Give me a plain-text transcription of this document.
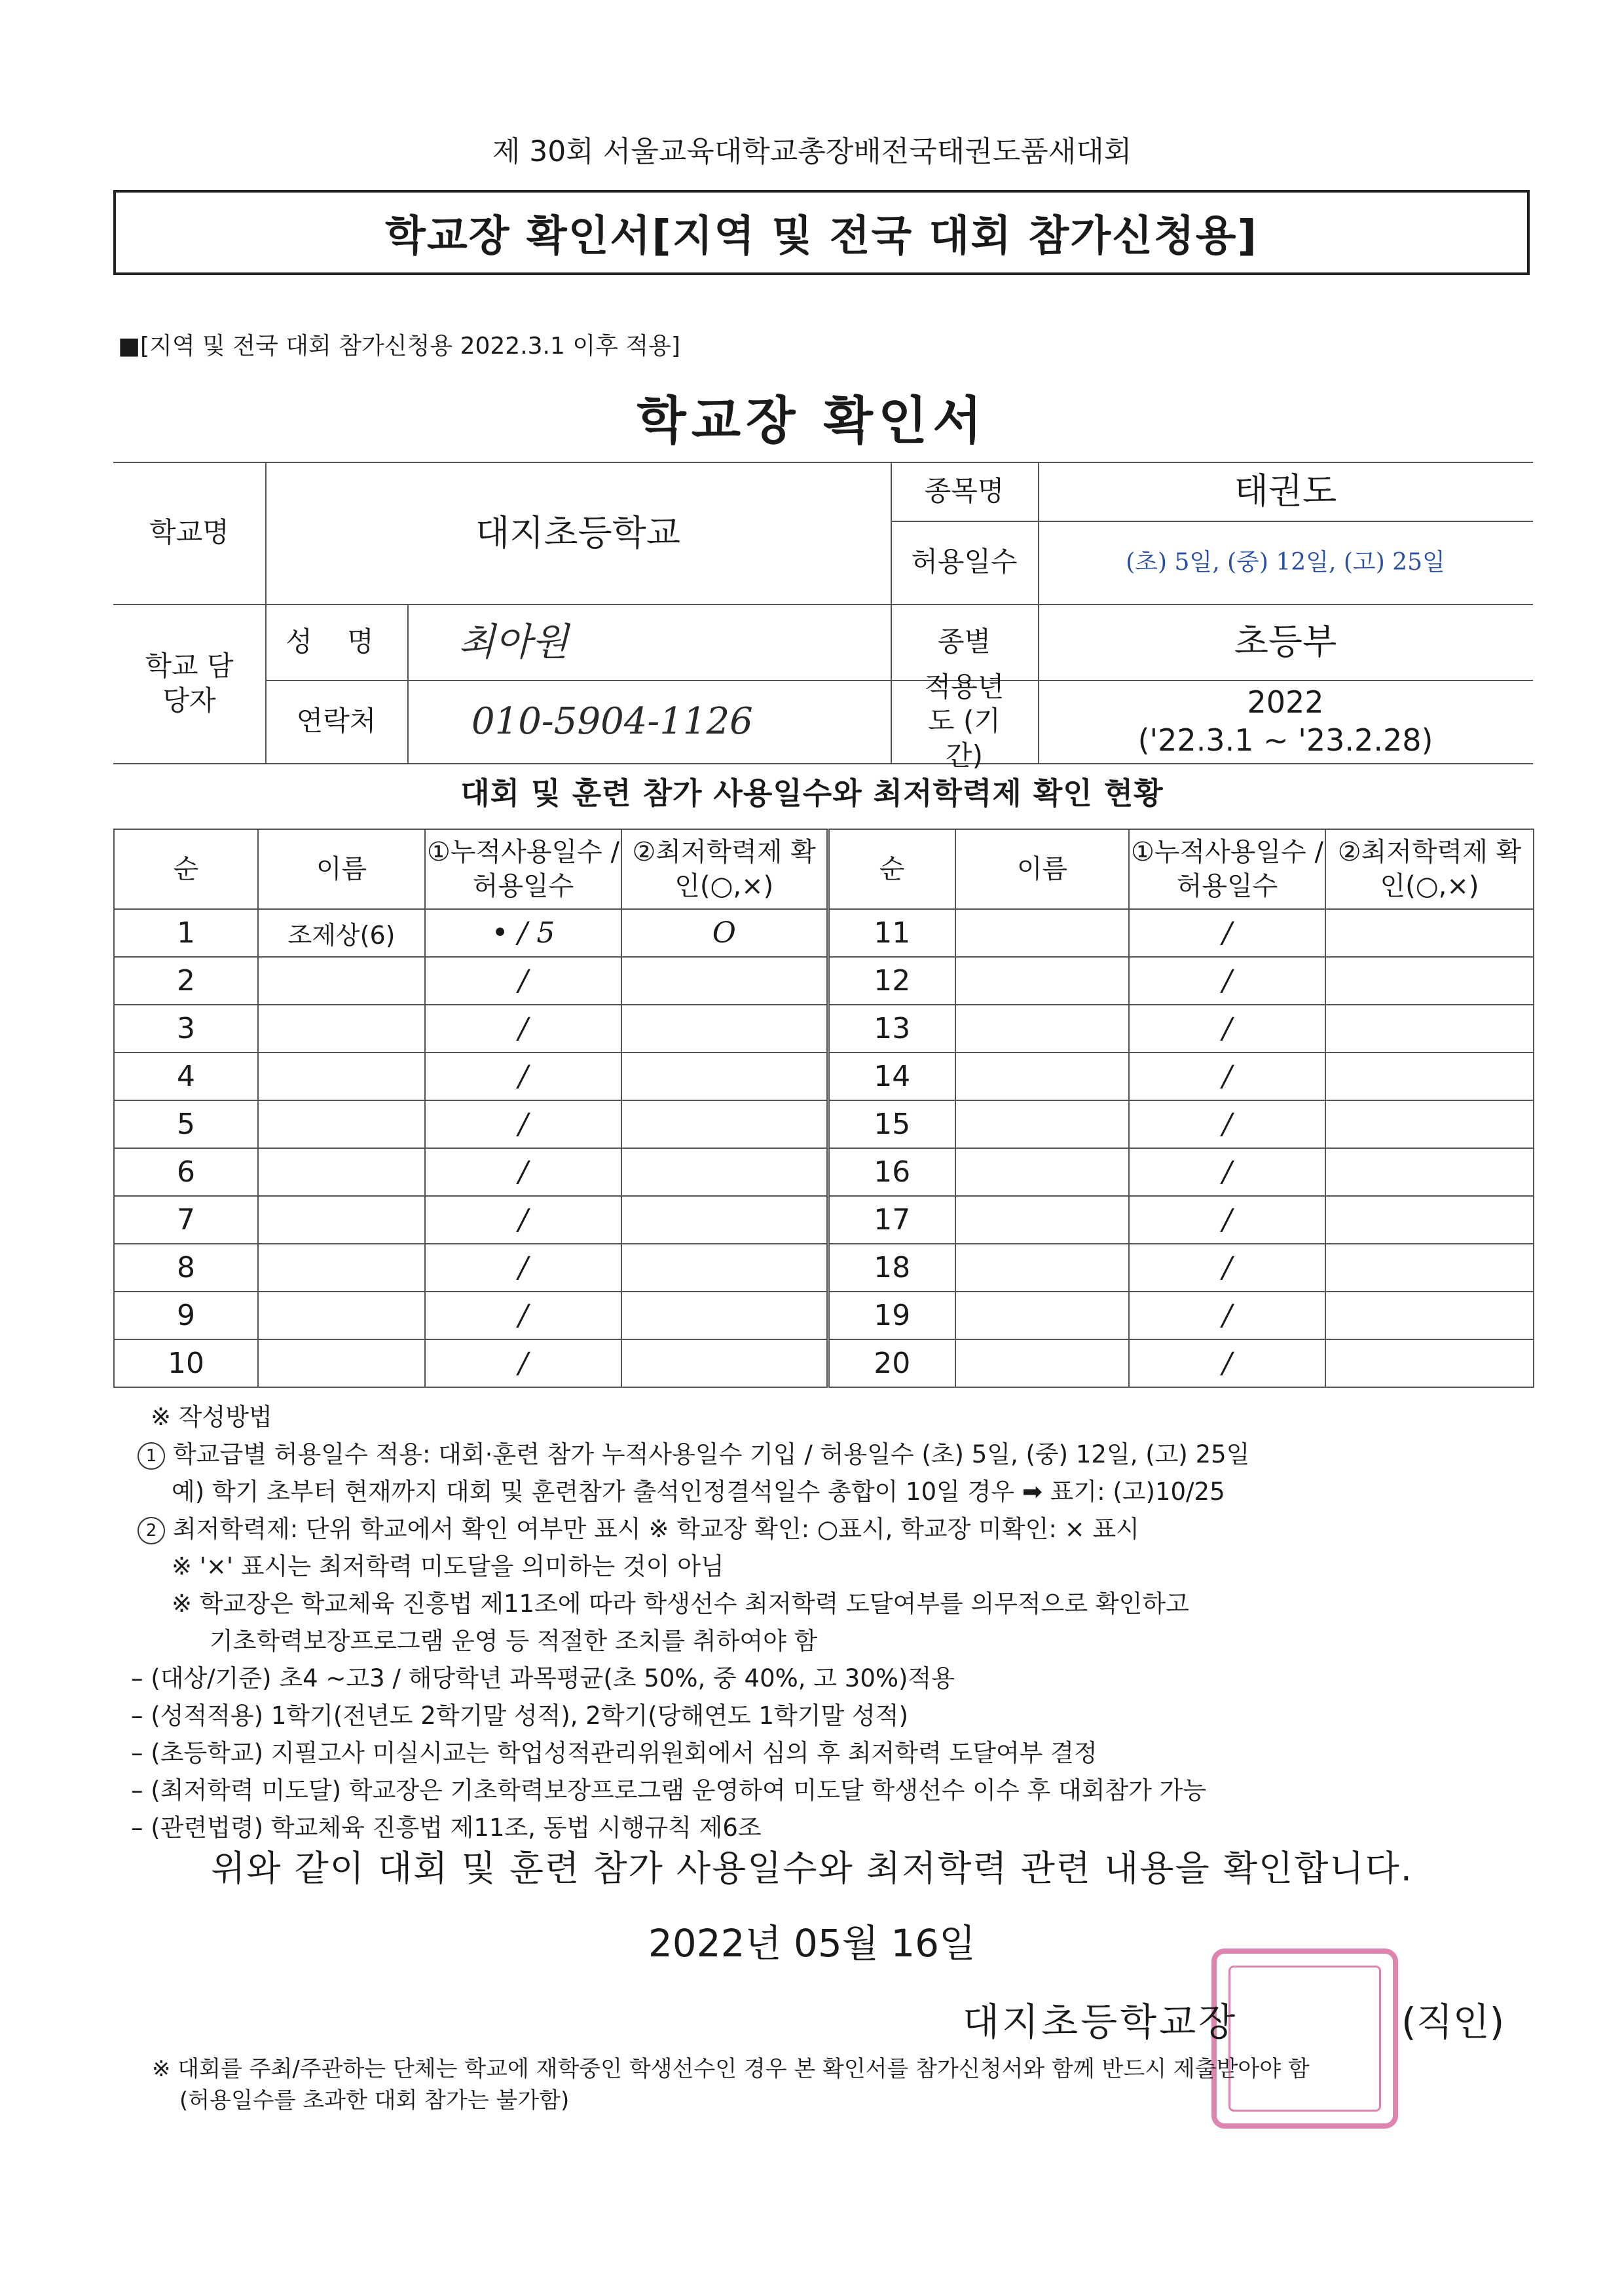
제 30회 서울교육대학교총장배전국태권도품새대회
학교장 확인서[지역 및 전국 대회 참가신청용]
■[지역 및 전국 대회 참가신청용 2022.3.1 이후 적용]
학교장 확인서
학교명	대지초등학교
종목명	태권도
허용일수	(초) 5일, (중) 12일, (고) 25일
학교 담당자
성 명	최아원
연락처	010-5904-1126
종별	초등부
적용년도 (기간)
2022
('22.3.1 ~ '23.2.28)
대회 및 훈련 참가 사용일수와 최저학력제 확인 현황
순	이름	①누적사용일수 /허용일수	②최저학력제 확인(○,×)	순	이름	①누적사용일수 /허용일수	②최저학력제 확인(○,×)
1	조제상(6)	• / 5	O	11		/	
2		/		12		/	
3		/		13		/	
4		/		14		/	
5		/		15		/	
6		/		16		/	
7		/		17		/	
8		/		18		/	
9		/		19		/	
10		/		20		/	
※ 작성방법
1 학교급별 허용일수 적용: 대회·훈련 참가 누적사용일수 기입 / 허용일수 (초) 5일, (중) 12일, (고) 25일
예) 학기 초부터 현재까지 대회 및 훈련참가 출석인정결석일수 총합이 10일 경우 ➡ 표기: (고)10/25
2 최저학력제: 단위 학교에서 확인 여부만 표시 ※ 학교장 확인: ○표시, 학교장 미확인: × 표시
※ '×' 표시는 최저학력 미도달을 의미하는 것이 아님
※ 학교장은 학교체육 진흥법 제11조에 따라 학생선수 최저학력 도달여부를 의무적으로 확인하고
기초학력보장프로그램 운영 등 적절한 조치를 취하여야 함
– (대상/기준) 초4 ~고3 / 해당학년 과목평균(초 50%, 중 40%, 고 30%)적용
– (성적적용) 1학기(전년도 2학기말 성적), 2학기(당해연도 1학기말 성적)
– (초등학교) 지필고사 미실시교는 학업성적관리위원회에서 심의 후 최저학력 도달여부 결정
– (최저학력 미도달) 학교장은 기초학력보장프로그램 운영하여 미도달 학생선수 이수 후 대회참가 가능
– (관련법령) 학교체육 진흥법 제11조, 동법 시행규칙 제6조
위와 같이 대회 및 훈련 참가 사용일수와 최저학력 관련 내용을 확인합니다.
2022년 05월 16일
대지초등학교장	(직인)
※ 대회를 주최/주관하는 단체는 학교에 재학중인 학생선수인 경우 본 확인서를 참가신청서와 함께 반드시 제출받아야 함
(허용일수를 초과한 대회 참가는 불가함)
